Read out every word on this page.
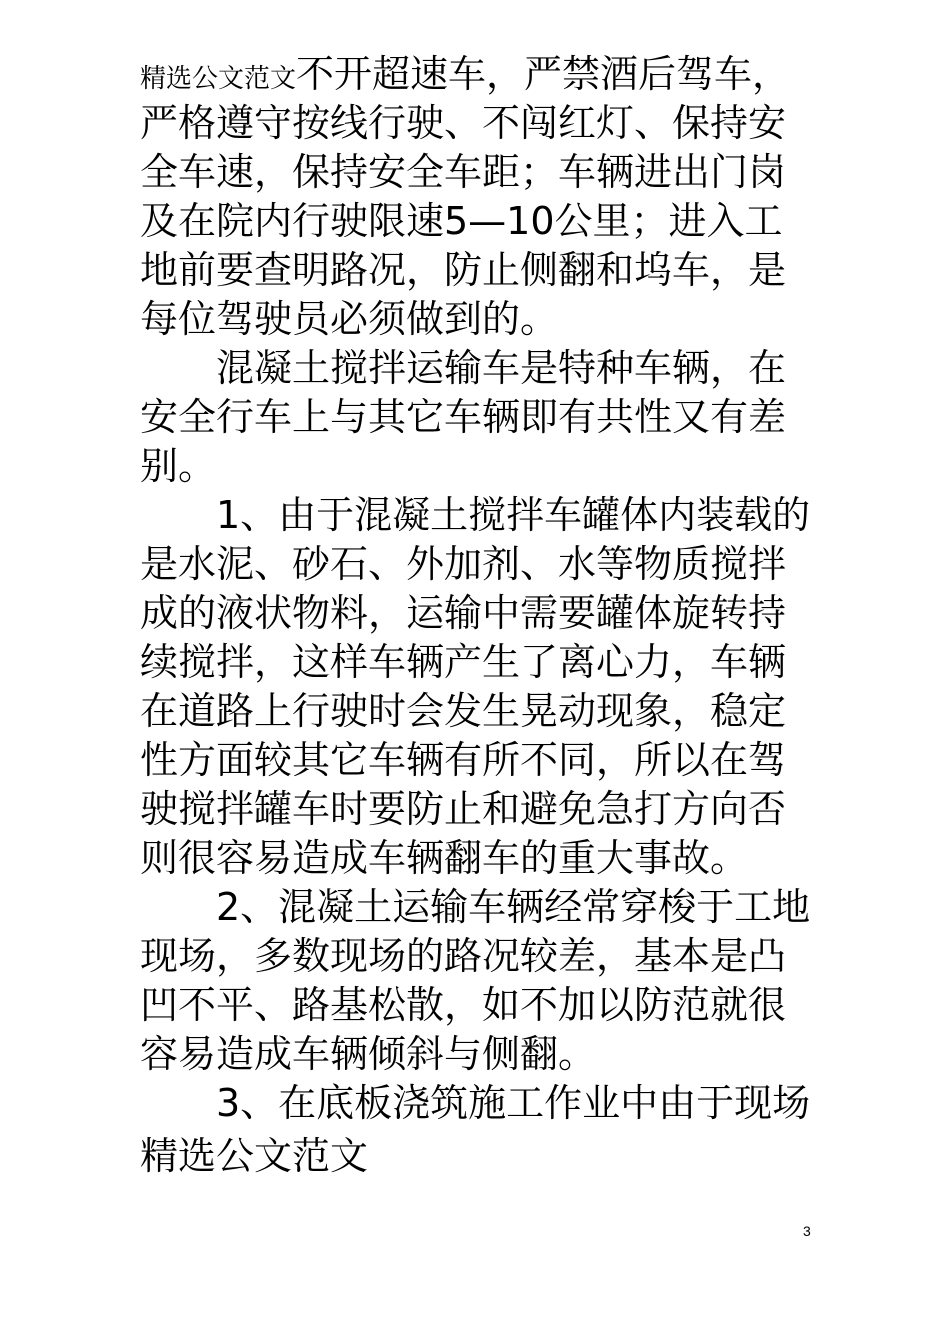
精选公文范文不开超速车，严禁酒后驾车，
严格遵守按线行驶、不闯红灯、保持安
全车速，保持安全车距；车辆进出门岗
及在院内行驶限速5—10公里；进入工
地前要查明路况，防止侧翻和坞车，是
每位驾驶员必须做到的。
混凝土搅拌运输车是特种车辆，在
安全行车上与其它车辆即有共性又有差
别。
1、由于混凝土搅拌车罐体内装载的
是水泥、砂石、外加剂、水等物质搅拌
成的液状物料，运输中需要罐体旋转持
续搅拌，这样车辆产生了离心力，车辆
在道路上行驶时会发生晃动现象，稳定
性方面较其它车辆有所不同，所以在驾
驶搅拌罐车时要防止和避免急打方向否
则很容易造成车辆翻车的重大事故。
2、混凝土运输车辆经常穿梭于工地
现场，多数现场的路况较差，基本是凸
凹不平、路基松散，如不加以防范就很
容易造成车辆倾斜与侧翻。
3、在底板浇筑施工作业中由于现场
精选公文范文
3
